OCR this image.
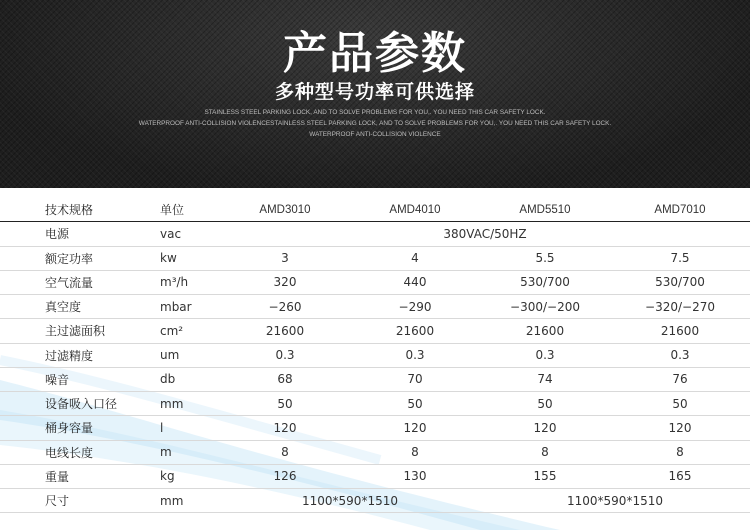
产品参数
多种型号功率可供选择
STAINLESS STEEL PARKING LOCK, AND TO SOLVE PROBLEMS FOR YOU,. YOU NEED THIS CAR SAFETY LOCK.
WATERPROOF ANTI-COLLISION VIOLENCESTAINLESS STEEL PARKING LOCK, AND TO SOLVE PROBLEMS FOR YOU,. YOU NEED THIS CAR SAFETY LOCK.
WATERPROOF ANTI-COLLISION VIOLENCE
技术规格	单位	AMD3010	AMD4010	AMD5510	AMD7010
电源	vac	380VAC/50HZ			
额定功率	kw	3	4	5.5	7.5
空气流量	m³/h	320	440	530/700	530/700
真空度	mbar	−260	−290	−300/−200	−320/−270
主过滤面积	cm²	21600	21600	21600	21600
过滤精度	um	0.3	0.3	0.3	0.3
噪音	db	68	70	74	76
设备吸入口径	mm	50	50	50	50
桶身容量	l	120	120	120	120
电线长度	m	8	8	8	8
重量	kg	126	130	155	165
尺寸	mm	1100*590*1510		1100*590*1510	
